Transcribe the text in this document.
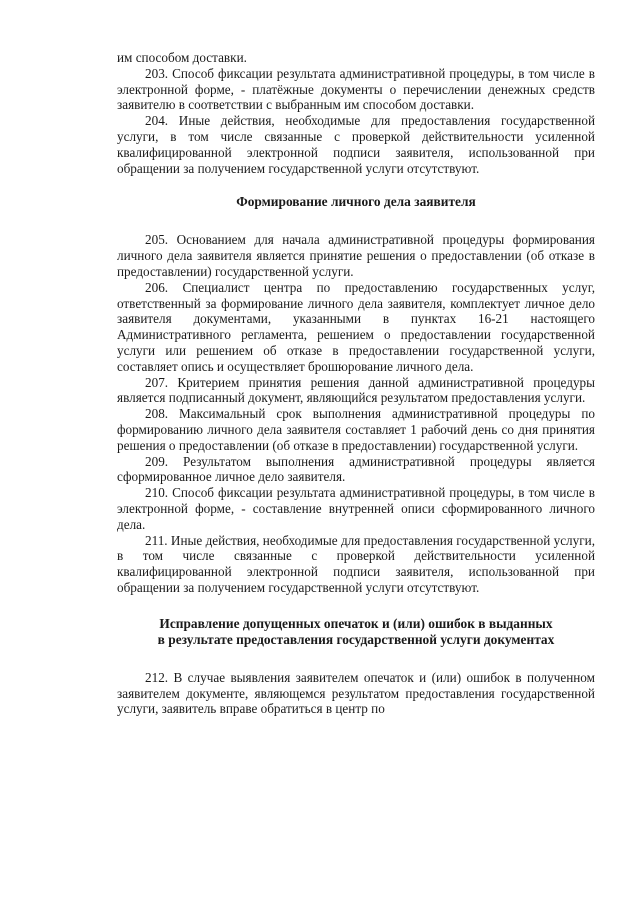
им способом доставки.

203. Способ фиксации результата административной процедуры, в том числе в электронной форме, - платёжные документы о перечислении денежных средств заявителю в соответствии с выбранным им способом доставки.

204. Иные действия, необходимые для предоставления государственной услуги, в том числе связанные с проверкой действительности усиленной квалифицированной электронной подписи заявителя, использованной при обращении за получением государственной услуги отсутствуют.

Формирование личного дела заявителя

205. Основанием для начала административной процедуры формирования личного дела заявителя является принятие решения о предоставлении (об отказе в предоставлении) государственной услуги.

206. Специалист центра по предоставлению государственных услуг, ответственный за формирование личного дела заявителя, комплектует личное дело заявителя документами, указанными в пунктах 16-21 настоящего Административного регламента, решением о предоставлении государственной услуги или решением об отказе в предоставлении государственной услуги, составляет опись и осуществляет брошюрование личного дела.

207. Критерием принятия решения данной административной процедуры является подписанный документ, являющийся результатом предоставления услуги.

208. Максимальный срок выполнения административной процедуры по формированию личного дела заявителя составляет 1 рабочий день со дня принятия решения о предоставлении (об отказе в предоставлении) государственной услуги.

209. Результатом выполнения административной процедуры является сформированное личное дело заявителя.

210. Способ фиксации результата административной процедуры, в том числе в электронной форме, - составление внутренней описи сформированного личного дела.

211. Иные действия, необходимые для предоставления государственной услуги, в том числе связанные с проверкой действительности усиленной квалифицированной электронной подписи заявителя, использованной при обращении за получением государственной услуги отсутствуют.

Исправление допущенных опечаток и (или) ошибок в выданных

в результате предоставления государственной услуги документах

212. В случае выявления заявителем опечаток и (или) ошибок в полученном заявителем документе, являющемся результатом предоставления государственной услуги, заявитель вправе обратиться в центр по
